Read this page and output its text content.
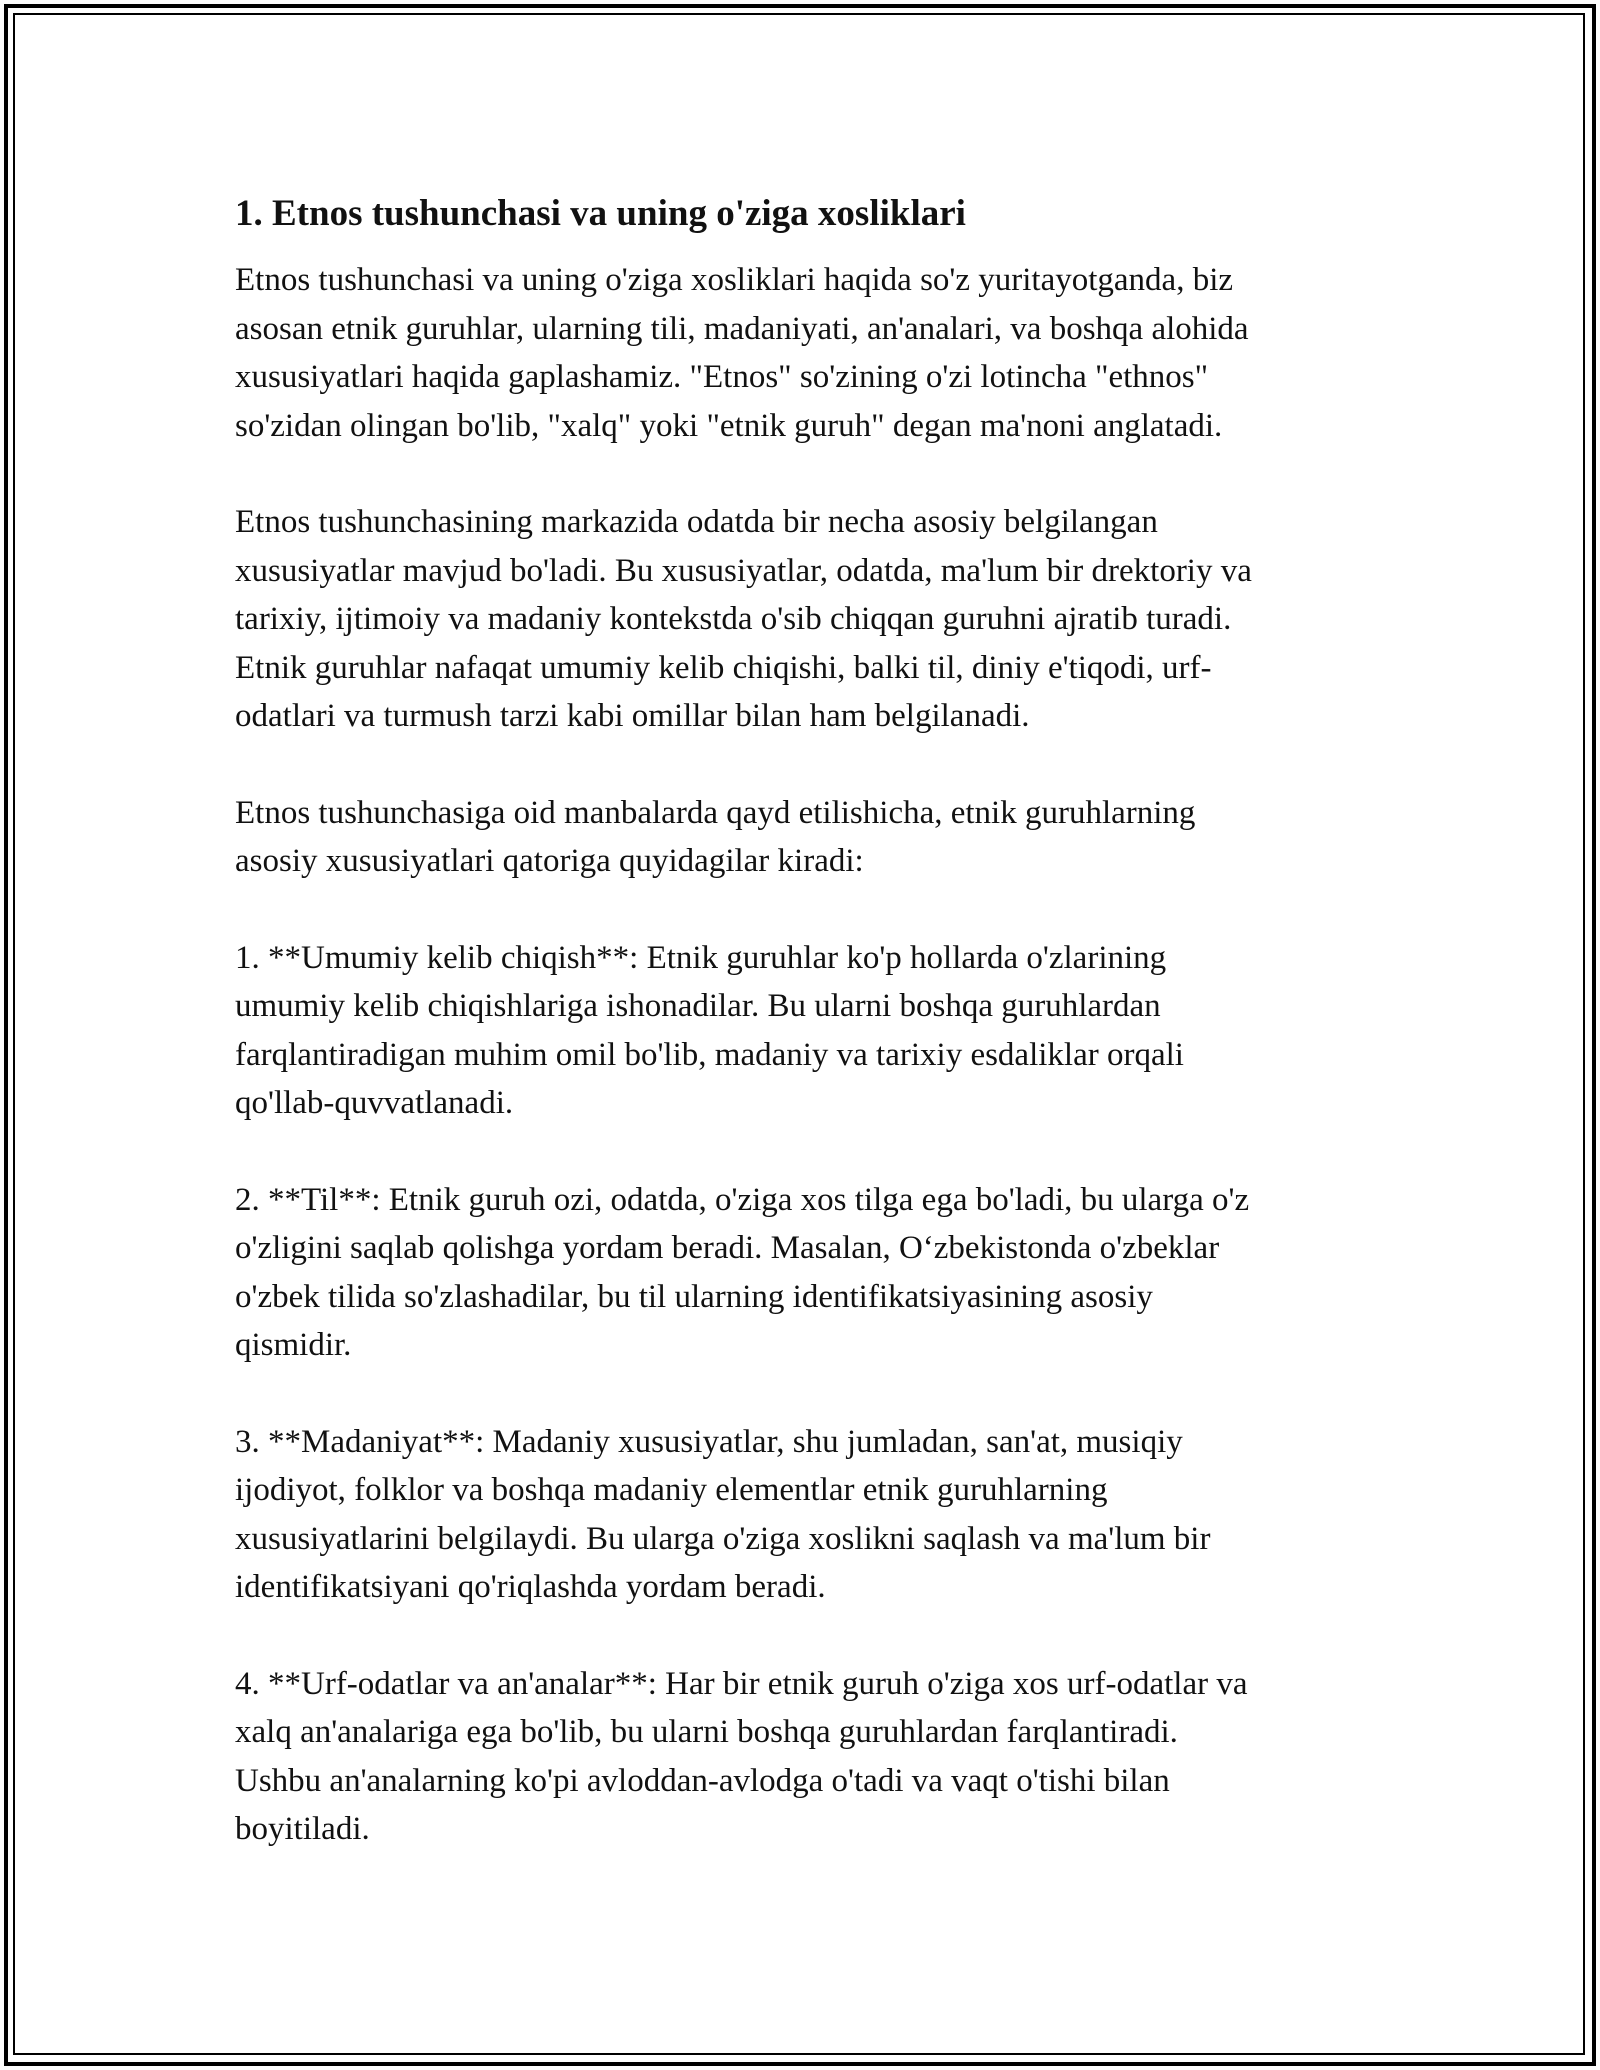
1. Etnos tushunchasi va uning o'ziga xosliklari

Etnos tushunchasi va uning o'ziga xosliklari haqida so'z yuritayotganda, biz
asosan etnik guruhlar, ularning tili, madaniyati, an'analari, va boshqa alohida
xususiyatlari haqida gaplashamiz. "Etnos" so'zining o'zi lotincha "ethnos"
so'zidan olingan bo'lib, "xalq" yoki "etnik guruh" degan ma'noni anglatadi.

Etnos tushunchasining markazida odatda bir necha asosiy belgilangan
xususiyatlar mavjud bo'ladi. Bu xususiyatlar, odatda, ma'lum bir drektoriy va
tarixiy, ijtimoiy va madaniy kontekstda o'sib chiqqan guruhni ajratib turadi.
Etnik guruhlar nafaqat umumiy kelib chiqishi, balki til, diniy e'tiqodi, urf-
odatlari va turmush tarzi kabi omillar bilan ham belgilanadi.

Etnos tushunchasiga oid manbalarda qayd etilishicha, etnik guruhlarning
asosiy xususiyatlari qatoriga quyidagilar kiradi:

1. **Umumiy kelib chiqish**: Etnik guruhlar ko'p hollarda o'zlarining
umumiy kelib chiqishlariga ishonadilar. Bu ularni boshqa guruhlardan
farqlantiradigan muhim omil bo'lib, madaniy va tarixiy esdaliklar orqali
qo'llab-quvvatlanadi.

2. **Til**: Etnik guruh ozi, odatda, o'ziga xos tilga ega bo'ladi, bu ularga o'z
o'zligini saqlab qolishga yordam beradi. Masalan, O‘zbekistonda o'zbeklar
o'zbek tilida so'zlashadilar, bu til ularning identifikatsiyasining asosiy
qismidir.

3. **Madaniyat**: Madaniy xususiyatlar, shu jumladan, san'at, musiqiy
ijodiyot, folklor va boshqa madaniy elementlar etnik guruhlarning
xususiyatlarini belgilaydi. Bu ularga o'ziga xoslikni saqlash va ma'lum bir
identifikatsiyani qo'riqlashda yordam beradi.

4. **Urf-odatlar va an'analar**: Har bir etnik guruh o'ziga xos urf-odatlar va
xalq an'analariga ega bo'lib, bu ularni boshqa guruhlardan farqlantiradi.
Ushbu an'analarning ko'pi avloddan-avlodga o'tadi va vaqt o'tishi bilan
boyitiladi.
